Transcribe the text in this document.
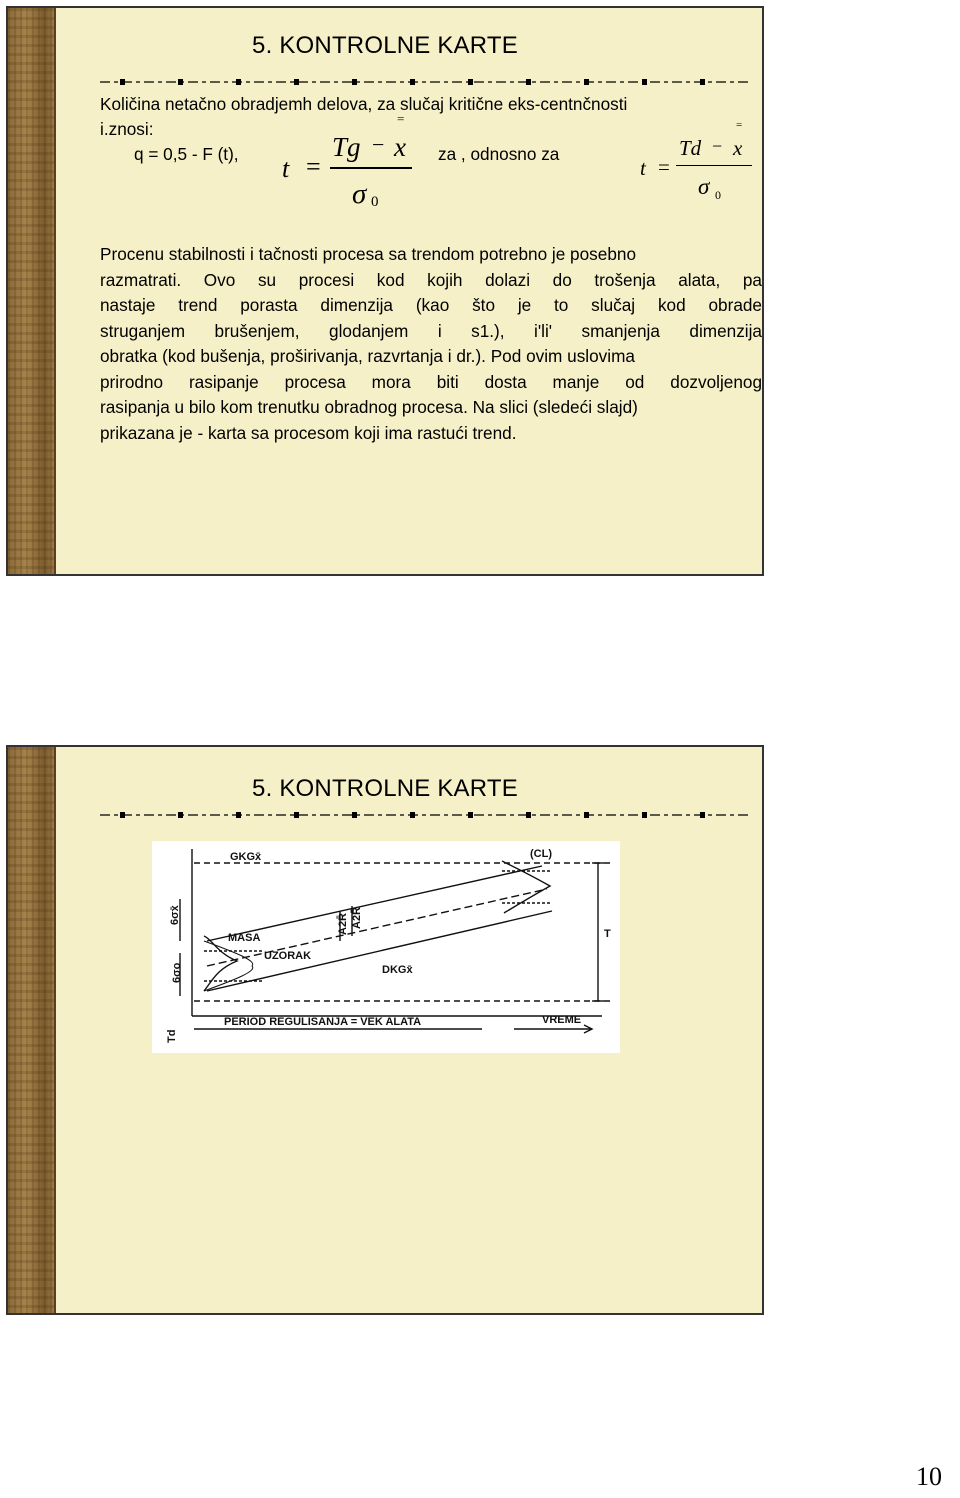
5. KONTROLNE KARTE
Količina netačno obradjemh delova, za slučaj kritične eks-centnčnosti
i.znosi:
q = 0,5 - F (t), t =
Tg −
=
x
σ 0
za , odnosno za
t =
Td −
=
x
σ 0
Procenu stabilnosti i tačnosti procesa sa trendom potrebno je posebno
razmatrati. Ovo su procesi kod kojih dolazi do trošenja alata, pa
nastaje trend porasta dimenzija (kao što je to slučaj kod obrade
struganjem brušenjem, glodanjem i s1.), i'li' smanjenja dimenzija
obratka (kod bušenja, proširivanja, razvrtanja i dr.). Pod ovim uslovima
prirodno rasipanje procesa mora biti dosta manje od dozvoljenog
rasipanja u bilo kom trenutku obradnog procesa. Na slici (sledeći slajd)
prikazana je - karta sa procesom koji ima rastući trend.
5. KONTROLNE KARTE
GKGx̄	(CL)
MASA
UZORAK
DKGx̄
6σo
6σx̄	A2R̄ A2R̄
T
Td
PERIOD REGULISANJA = VEK ALATA	VREME
10
